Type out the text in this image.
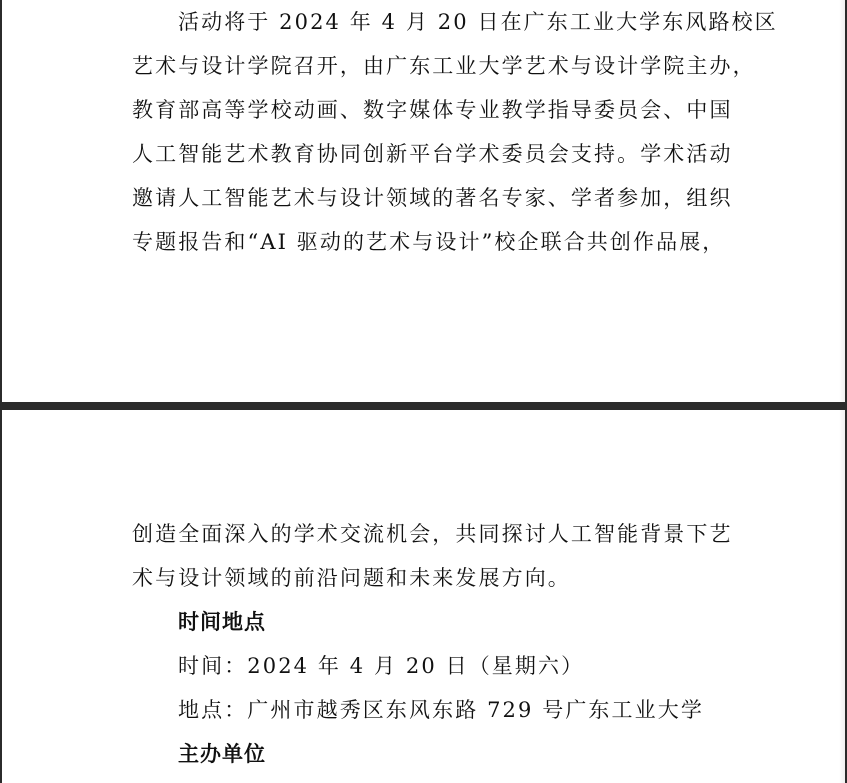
活动将于 2024 年 4 月 20 日在广东工业大学东风路校区
艺术与设计学院召开，由广东工业大学艺术与设计学院主办，
教育部高等学校动画、数字媒体专业教学指导委员会、中国
人工智能艺术教育协同创新平台学术委员会支持。学术活动
邀请人工智能艺术与设计领域的著名专家、学者参加，组织
专题报告和“AI 驱动的艺术与设计”校企联合共创作品展，
创造全面深入的学术交流机会，共同探讨人工智能背景下艺
术与设计领域的前沿问题和未来发展方向。
时间地点
时间：2024 年 4 月 20 日（星期六）
地点：广州市越秀区东风东路 729 号广东工业大学
主办单位
